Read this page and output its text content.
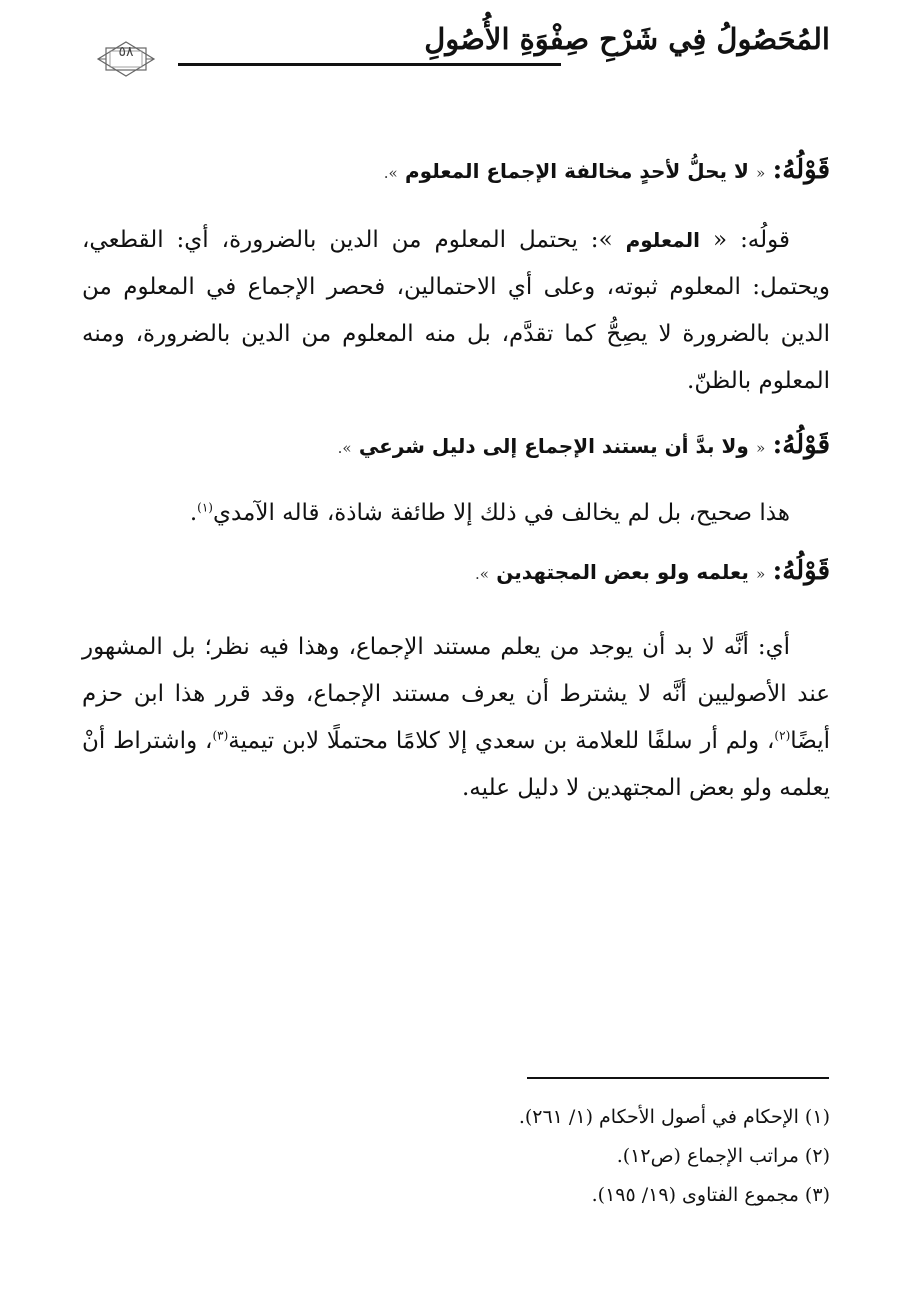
المُحَصُولُ فِي شَرْحِ صِفْوَةِ الأُصُولِ
٥٨

قَوْلُهُ: « لا يحلُّ لأحدٍ مخالفة الإجماع المعلوم ».

قولُه: « المعلوم »: يحتمل المعلوم من الدين بالضرورة، أي: القطعي، ويحتمل: المعلوم ثبوته، وعلى أي الاحتمالين، فحصر الإجماع في المعلوم من الدين بالضرورة لا يصِحُّ كما تقدَّم، بل منه المعلوم من الدين بالضرورة، ومنه المعلوم بالظنّ.

قَوْلُهُ: « ولا بدَّ أن يستند الإجماع إلى دليل شرعي ».

هذا صحيح، بل لم يخالف في ذلك إلا طائفة شاذة، قاله الآمدي$^{(١)}$.

قَوْلُهُ: « يعلمه ولو بعض المجتهدين ».

أي: أنَّه لا بد أن يوجد من يعلم مستند الإجماع، وهذا فيه نظر؛ بل المشهور عند الأصوليين أنَّه لا يشترط أن يعرف مستند الإجماع، وقد قرر هذا ابن حزم أيضًا$^{(٢)}$، ولم أر سلفًا للعلامة بن سعدي إلا كلامًا محتملًا لابن تيمية$^{(٣)}$، واشتراط أنْ يعلمه ولو بعض المجتهدين لا دليل عليه.

(١) الإحكام في أصول الأحكام (١/ ٢٦١).

(٢) مراتب الإجماع (ص١٢).

(٣) مجموع الفتاوى (١٩/ ١٩٥).
